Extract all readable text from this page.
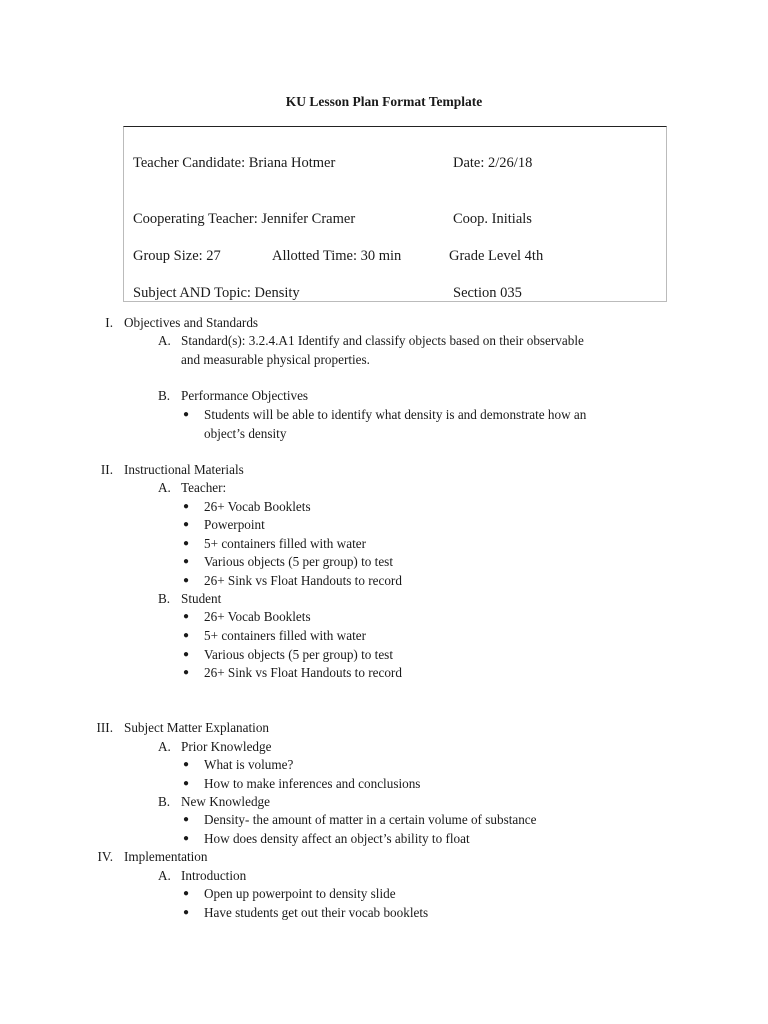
KU Lesson Plan Format Template
Teacher Candidate: Briana Hotmer	Date: 2/26/18
Cooperating Teacher: Jennifer Cramer	Coop. Initials
Group Size: 27	Allotted Time: 30 min	Grade Level 4th
Subject AND Topic: Density	Section 035
I. Objectives and Standards
A. Standard(s): 3.2.4.A1 Identify and classify objects based on their observable
and measurable physical properties.
B. Performance Objectives
● Students will be able to identify what density is and demonstrate how an
object’s density
II. Instructional Materials
A. Teacher:
● 26+ Vocab Booklets
● Powerpoint
● 5+ containers filled with water
● Various objects (5 per group) to test
● 26+ Sink vs Float Handouts to record
B. Student
● 26+ Vocab Booklets
● 5+ containers filled with water
● Various objects (5 per group) to test
● 26+ Sink vs Float Handouts to record
III. Subject Matter Explanation
A. Prior Knowledge
● What is volume?
● How to make inferences and conclusions
B. New Knowledge
● Density- the amount of matter in a certain volume of substance
● How does density affect an object’s ability to float
IV. Implementation
A. Introduction
● Open up powerpoint to density slide
● Have students get out their vocab booklets
